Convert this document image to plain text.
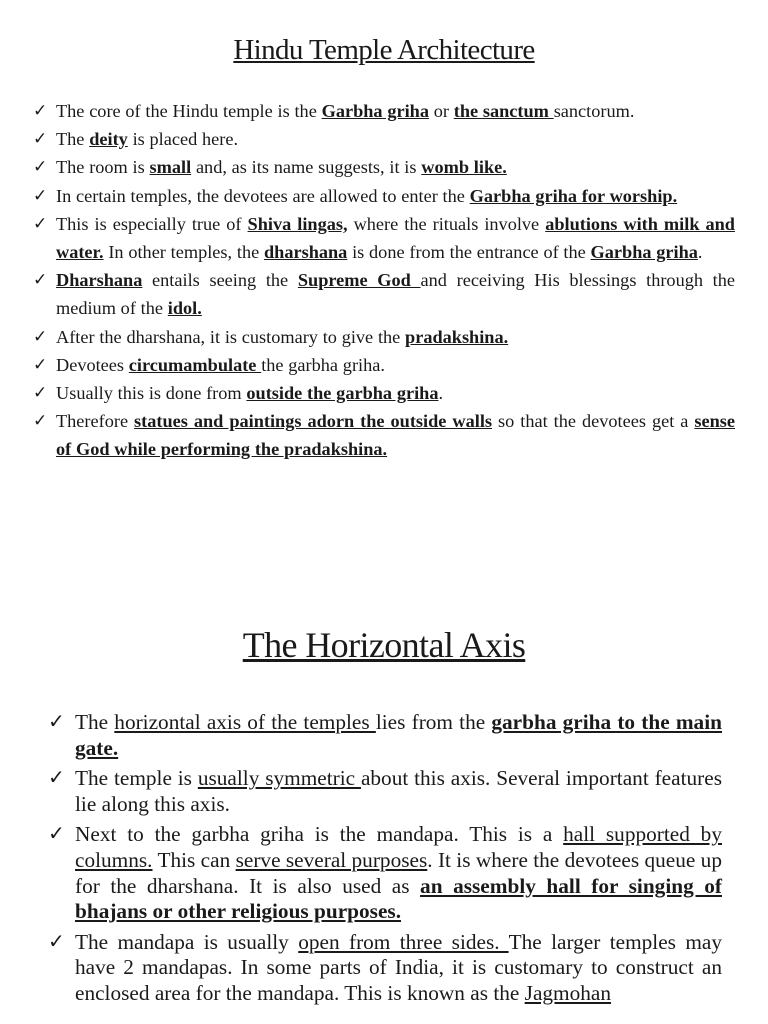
Hindu Temple Architecture
✓ The core of the Hindu temple is the Garbha griha or the sanctum sanctorum.
✓ The deity is placed here.
✓ The room is small and, as its name suggests, it is womb like.
✓ In certain temples, the devotees are allowed to enter the Garbha griha for worship.
✓ This is especially true of Shiva lingas, where the rituals involve ablutions with milk and water. In other temples, the dharshana is done from the entrance of the Garbha griha.
✓ Dharshana entails seeing the Supreme God and receiving His blessings through the medium of the idol.
✓ After the dharshana, it is customary to give the pradakshina.
✓ Devotees circumambulate the garbha griha.
✓ Usually this is done from outside the garbha griha.
✓ Therefore statues and paintings adorn the outside walls so that the devotees get a sense of God while performing the pradakshina.
The Horizontal Axis
✓ The horizontal axis of the temples lies from the garbha griha to the main gate.
✓ The temple is usually symmetric about this axis. Several important features lie along this axis.
✓ Next to the garbha griha is the mandapa. This is a hall supported by columns. This can serve several purposes. It is where the devotees queue up for the dharshana. It is also used as an assembly hall for singing of bhajans or other religious purposes.
✓ The mandapa is usually open from three sides. The larger temples may have 2 mandapas. In some parts of India, it is customary to construct an enclosed area for the mandapa. This is known as the Jagmohan
